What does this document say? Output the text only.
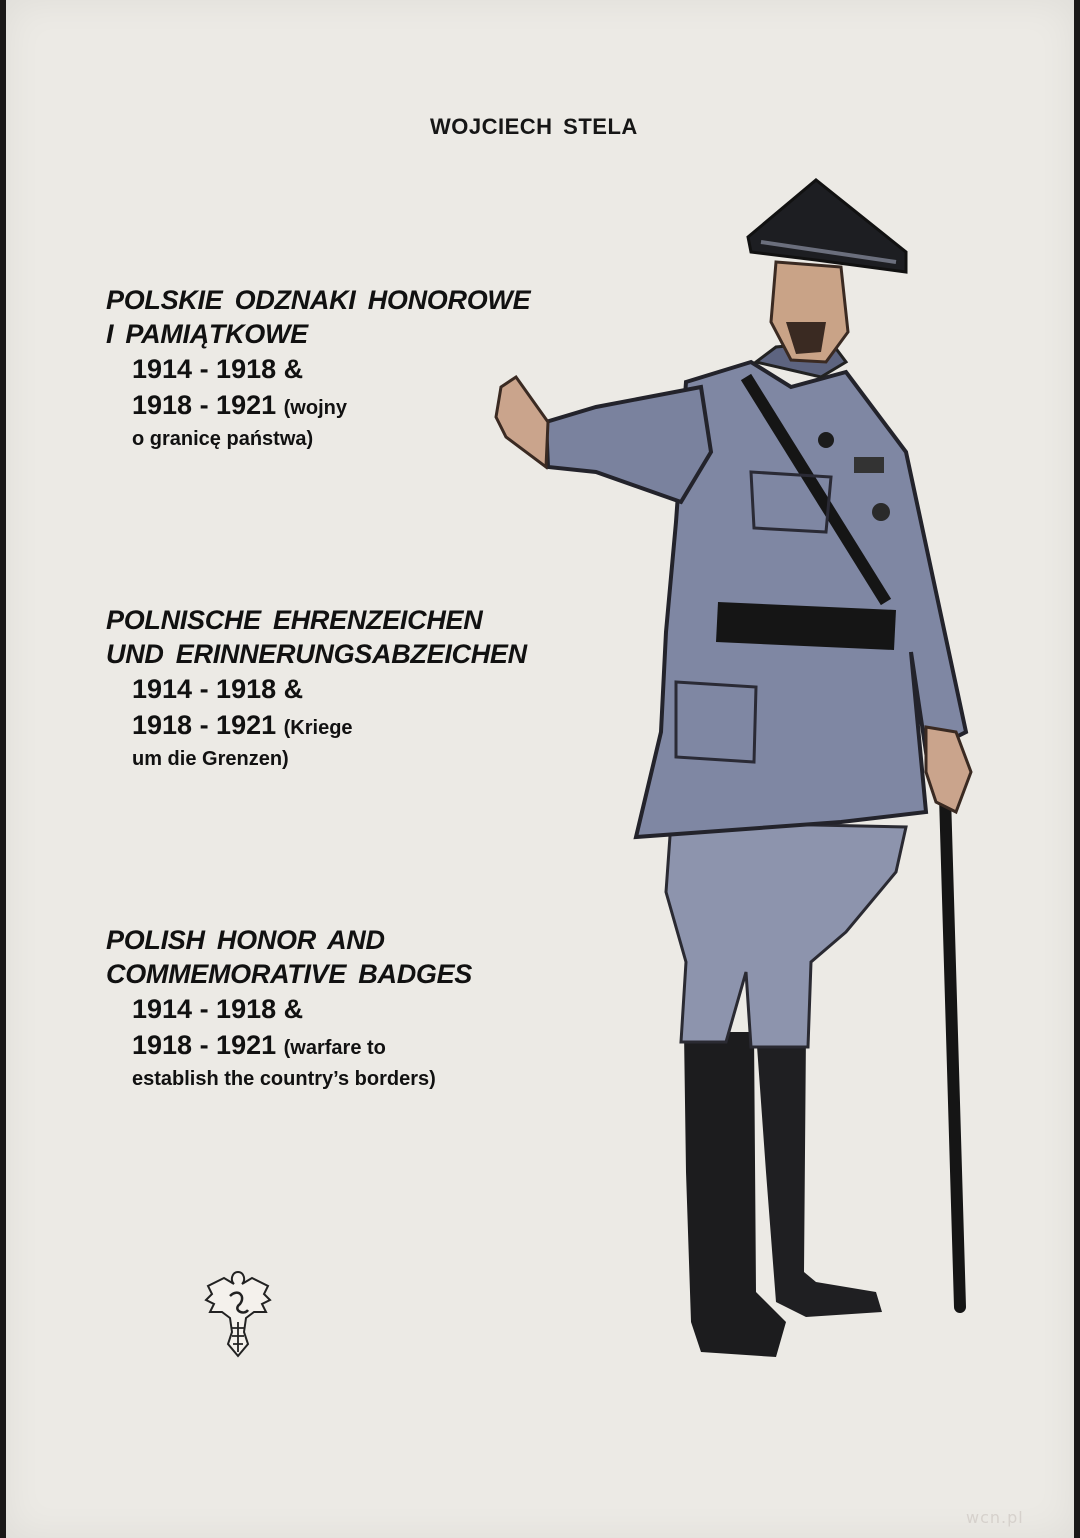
WOJCIECH STELA
POLSKIE ODZNAKI HONOROWE
I PAMIĄTKOWE
1914 - 1918 &
1918 - 1921 (wojny
o granicę państwa)
POLNISCHE EHRENZEICHEN
UND ERINNERUNGSABZEICHEN
1914 - 1918 &
1918 - 1921 (Kriege
um die Grenzen)
POLISH HONOR AND
COMMEMORATIVE BADGES
1914 - 1918 &
1918 - 1921 (warfare to
establish the country’s borders)
wcn.pl
